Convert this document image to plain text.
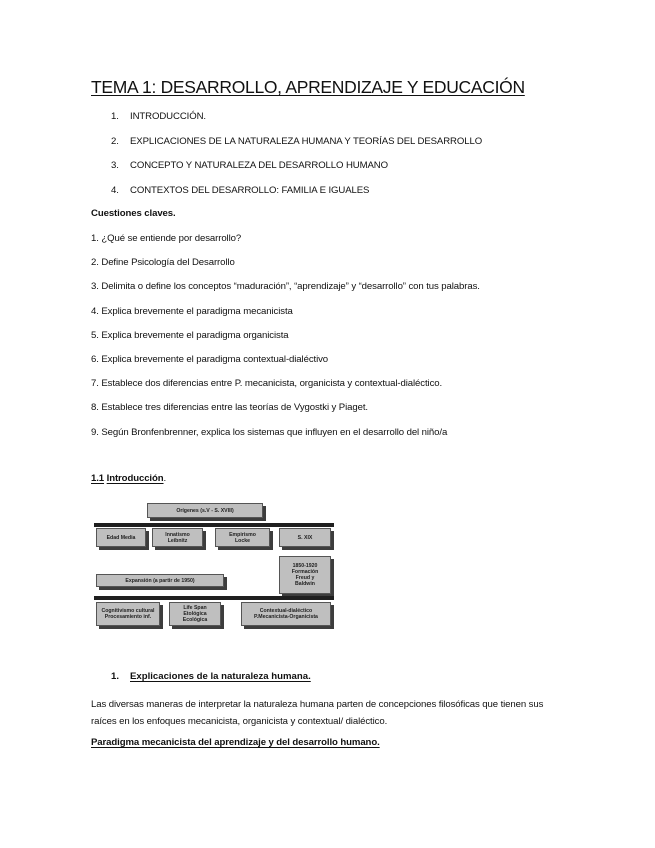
TEMA 1: DESARROLLO, APRENDIZAJE Y EDUCACIÓN
1.	INTRODUCCIÓN.
2.	EXPLICACIONES DE LA NATURALEZA HUMANA Y TEORÍAS DEL DESARROLLO
3.	CONCEPTO Y NATURALEZA DEL DESARROLLO HUMANO
4.	CONTEXTOS DEL DESARROLLO: FAMILIA E IGUALES

Cuestiones claves.

1. ¿Qué se entiende por desarrollo?
2. Define Psicología del Desarrollo
3. Delimita o define los conceptos “maduración”, “aprendizaje” y “desarrollo” con tus palabras.
4. Explica brevemente el paradigma mecanicista
5. Explica brevemente el paradigma organicista
6. Explica brevemente el paradigma contextual-dialéctivo
7. Establece dos diferencias entre P. mecanicista, organicista y contextual-dialéctico.
8. Establece tres diferencias entre las teorías de Vygostki y Piaget.
9. Según Bronfenbrenner, explica los sistemas que influyen en el desarrollo del niño/a

1.1 Introducción.

Orígenes (s.V - S. XVIII)
Edad Media	Innatismo
Leibnitz
Empirismo
Locke	S. XIX
1850-1920
Formación
Freud y
Baldwin
Expansión (a partir de 1950)
Cognitivismo cultural
Procesamiento inf.
Life Span
Etológica
Ecológica
Contextual-dialéctico
P.Mecanicista-Organicista
1.	Explicaciones de la naturaleza humana.

Las diversas maneras de interpretar la naturaleza humana parten de concepciones filosóficas que tienen sus raíces en los enfoques mecanicista, organicista y contextual/ dialéctico.

Paradigma mecanicista del aprendizaje y del desarrollo humano.
